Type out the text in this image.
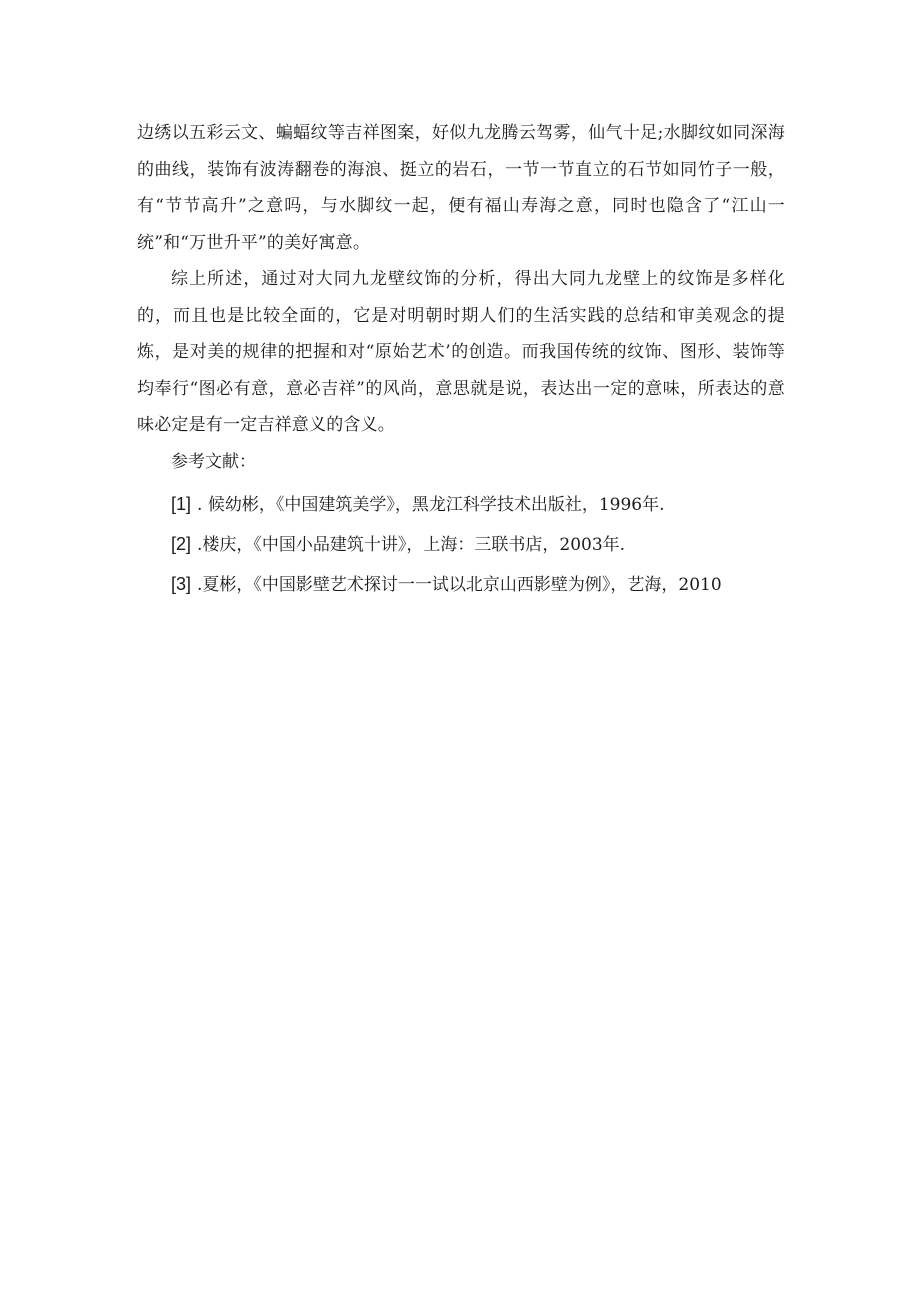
边绣以五彩云文、蝙蝠纹等吉祥图案，好似九龙腾云驾雾，仙气十足;水脚纹如同深海的曲线，装饰有波涛翻卷的海浪、挺立的岩石，一节一节直立的石节如同竹子一般，有“节节高升”之意吗，与水脚纹一起，便有福山寿海之意，同时也隐含了“江山一统”和“万世升平”的美好寓意。

综上所述，通过对大同九龙壁纹饰的分析，得出大同九龙壁上的纹饰是多样化的，而且也是比较全面的，它是对明朝时期人们的生活实践的总结和审美观念的提炼，是对美的规律的把握和对“原始艺术’的创造。而我国传统的纹饰、图形、装饰等均奉行“图必有意，意必吉祥”的风尚，意思就是说，表达出一定的意味，所表达的意味必定是有一定吉祥意义的含义。

参考文献：

[1] . 候幼彬，《中国建筑美学》，黑龙江科学技术出版社，1996年.
[2] .楼庆，《中国小品建筑十讲》，上海：三联书店，2003年.
[3] .夏彬，《中国影壁艺术探讨一一试以北京山西影壁为例》，艺海，2010
